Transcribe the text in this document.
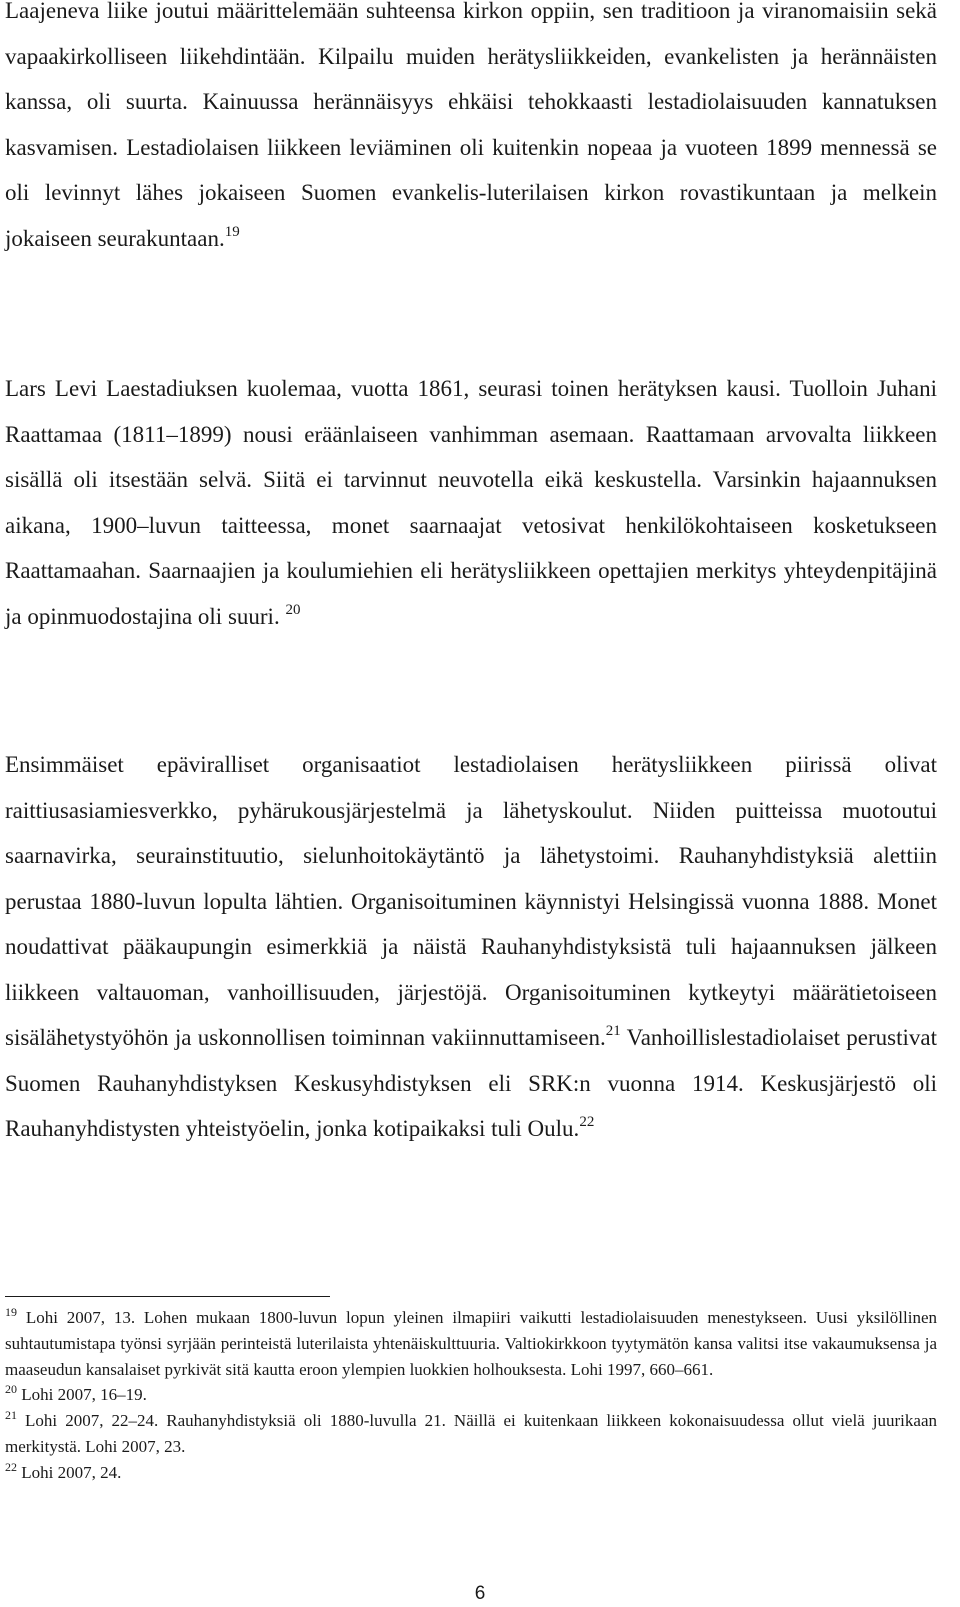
Laajeneva liike joutui määrittelemään suhteensa kirkon oppiin, sen traditioon ja viranomaisiin sekä vapaakirkolliseen liikehdintään. Kilpailu muiden herätysliikkeiden, evankelisten ja herännäisten kanssa, oli suurta. Kainuussa herännäisyys ehkäisi tehokkaasti lestadiolaisuuden kannatuksen kasvamisen. Lestadiolaisen liikkeen leviäminen oli kuitenkin nopeaa ja vuoteen 1899 mennessä se oli levinnyt lähes jokaiseen Suomen evankelis-luterilaisen kirkon rovastikuntaan ja melkein jokaiseen seurakuntaan.$^{19}$

Lars Levi Laestadiuksen kuolemaa, vuotta 1861, seurasi toinen herätyksen kausi. Tuolloin Juhani Raattamaa (1811–1899) nousi eräänlaiseen vanhimman asemaan. Raattamaan arvovalta liikkeen sisällä oli itsestään selvä. Siitä ei tarvinnut neuvotella eikä keskustella. Varsinkin hajaannuksen aikana, 1900–luvun taitteessa, monet saarnaajat vetosivat henkilökohtaiseen kosketukseen Raattamaahan. Saarnaajien ja koulumiehien eli herätysliikkeen opettajien merkitys yhteydenpitäjinä ja opinmuodostajina oli suuri. $^{20}$

Ensimmäiset epäviralliset organisaatiot lestadiolaisen herätysliikkeen piirissä olivat raittiusasiamiesverkko, pyhärukousjärjestelmä ja lähetyskoulut. Niiden puitteissa muotoutui saarnavirka, seurainstituutio, sielunhoitokäytäntö ja lähetystoimi. Rauhanyhdistyksiä alettiin perustaa 1880-luvun lopulta lähtien. Organisoituminen käynnistyi Helsingissä vuonna 1888. Monet noudattivat pääkaupungin esimerkkiä ja näistä Rauhanyhdistyksistä tuli hajaannuksen jälkeen liikkeen valtauoman, vanhoillisuuden, järjestöjä. Organisoituminen kytkeytyi määrätietoiseen sisälähetystyöhön ja uskonnollisen toiminnan vakiinnuttamiseen.$^{21}$ Vanhoillislestadiolaiset perustivat Suomen Rauhanyhdistyksen Keskusyhdistyksen eli SRK:n vuonna 1914. Keskusjärjestö oli Rauhanyhdistysten yhteistyöelin, jonka kotipaikaksi tuli Oulu.$^{22}$

$^{19}$ Lohi 2007, 13. Lohen mukaan 1800-luvun lopun yleinen ilmapiiri vaikutti lestadiolaisuuden menestykseen. Uusi yksilöllinen suhtautumistapa työnsi syrjään perinteistä luterilaista yhtenäiskulttuuria. Valtiokirkkoon tyytymätön kansa valitsi itse vakaumuksensa ja maaseudun kansalaiset pyrkivät sitä kautta eroon ylempien luokkien holhouksesta. Lohi 1997, 660–661.

$^{20}$ Lohi 2007, 16–19.

$^{21}$ Lohi 2007, 22–24. Rauhanyhdistyksiä oli 1880-luvulla 21. Näillä ei kuitenkaan liikkeen kokonaisuudessa ollut vielä juurikaan merkitystä. Lohi 2007, 23.

$^{22}$ Lohi 2007, 24.

6
